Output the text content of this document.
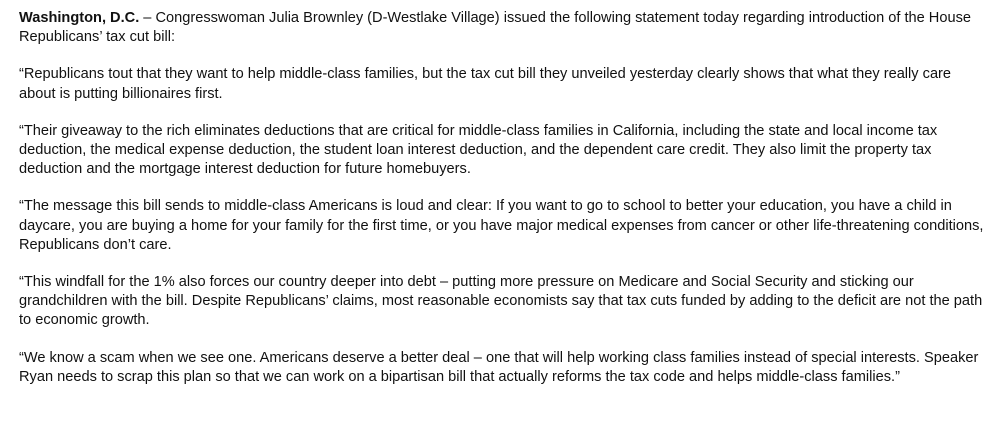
Washington, D.C. – Congresswoman Julia Brownley (D-Westlake Village) issued the following statement today regarding introduction of the House Republicans’ tax cut bill:

“Republicans tout that they want to help middle-class families, but the tax cut bill they unveiled yesterday clearly shows that what they really care about is putting billionaires first.

“Their giveaway to the rich eliminates deductions that are critical for middle-class families in California, including the state and local income tax deduction, the medical expense deduction, the student loan interest deduction, and the dependent care credit. They also limit the property tax deduction and the mortgage interest deduction for future homebuyers.

“The message this bill sends to middle-class Americans is loud and clear: If you want to go to school to better your education, you have a child in daycare, you are buying a home for your family for the first time, or you have major medical expenses from cancer or other life-threatening conditions, Republicans don’t care.

“This windfall for the 1% also forces our country deeper into debt – putting more pressure on Medicare and Social Security and sticking our grandchildren with the bill. Despite Republicans’ claims, most reasonable economists say that tax cuts funded by adding to the deficit are not the path to economic growth.

“We know a scam when we see one. Americans deserve a better deal – one that will help working class families instead of special interests. Speaker Ryan needs to scrap this plan so that we can work on a bipartisan bill that actually reforms the tax code and helps middle-class families.”
